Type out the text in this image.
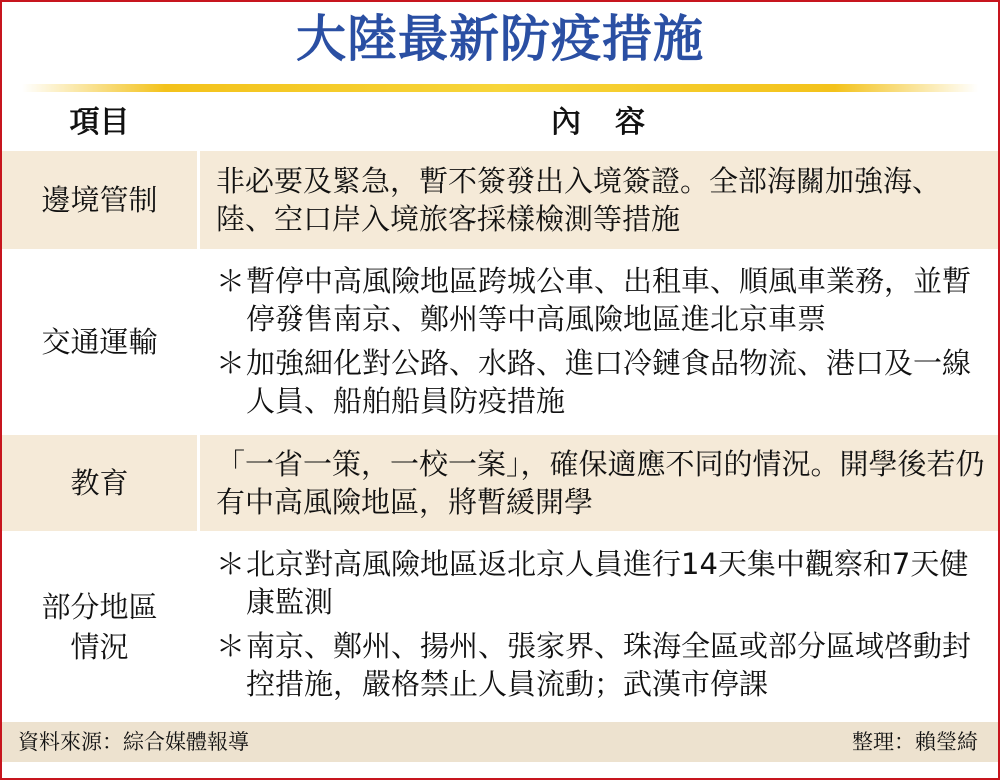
大陸最新防疫措施
項目	內　容
邊境管制
非必要及緊急，暫不簽發出入境簽證。全部海關加強海、陸、空口岸入境旅客採樣檢測等措施
交通運輸
＊ 暫停中高風險地區跨城公車、出租車、順風車業務，並暫停發售南京、鄭州等中高風險地區進北京車票
＊ 加強細化對公路、水路、進口冷鏈食品物流、港口及一線人員、船舶船員防疫措施
教育
「一省一策，一校一案」，確保適應不同的情況。開學後若仍有中高風險地區，將暫緩開學
部分地區
情況
＊ 北京對高風險地區返北京人員進行14天集中觀察和7天健康監測
＊ 南京、鄭州、揚州、張家界、珠海全區或部分區域啓動封控措施，嚴格禁止人員流動；武漢市停課
資料來源：綜合媒體報導	整理：賴瑩綺
